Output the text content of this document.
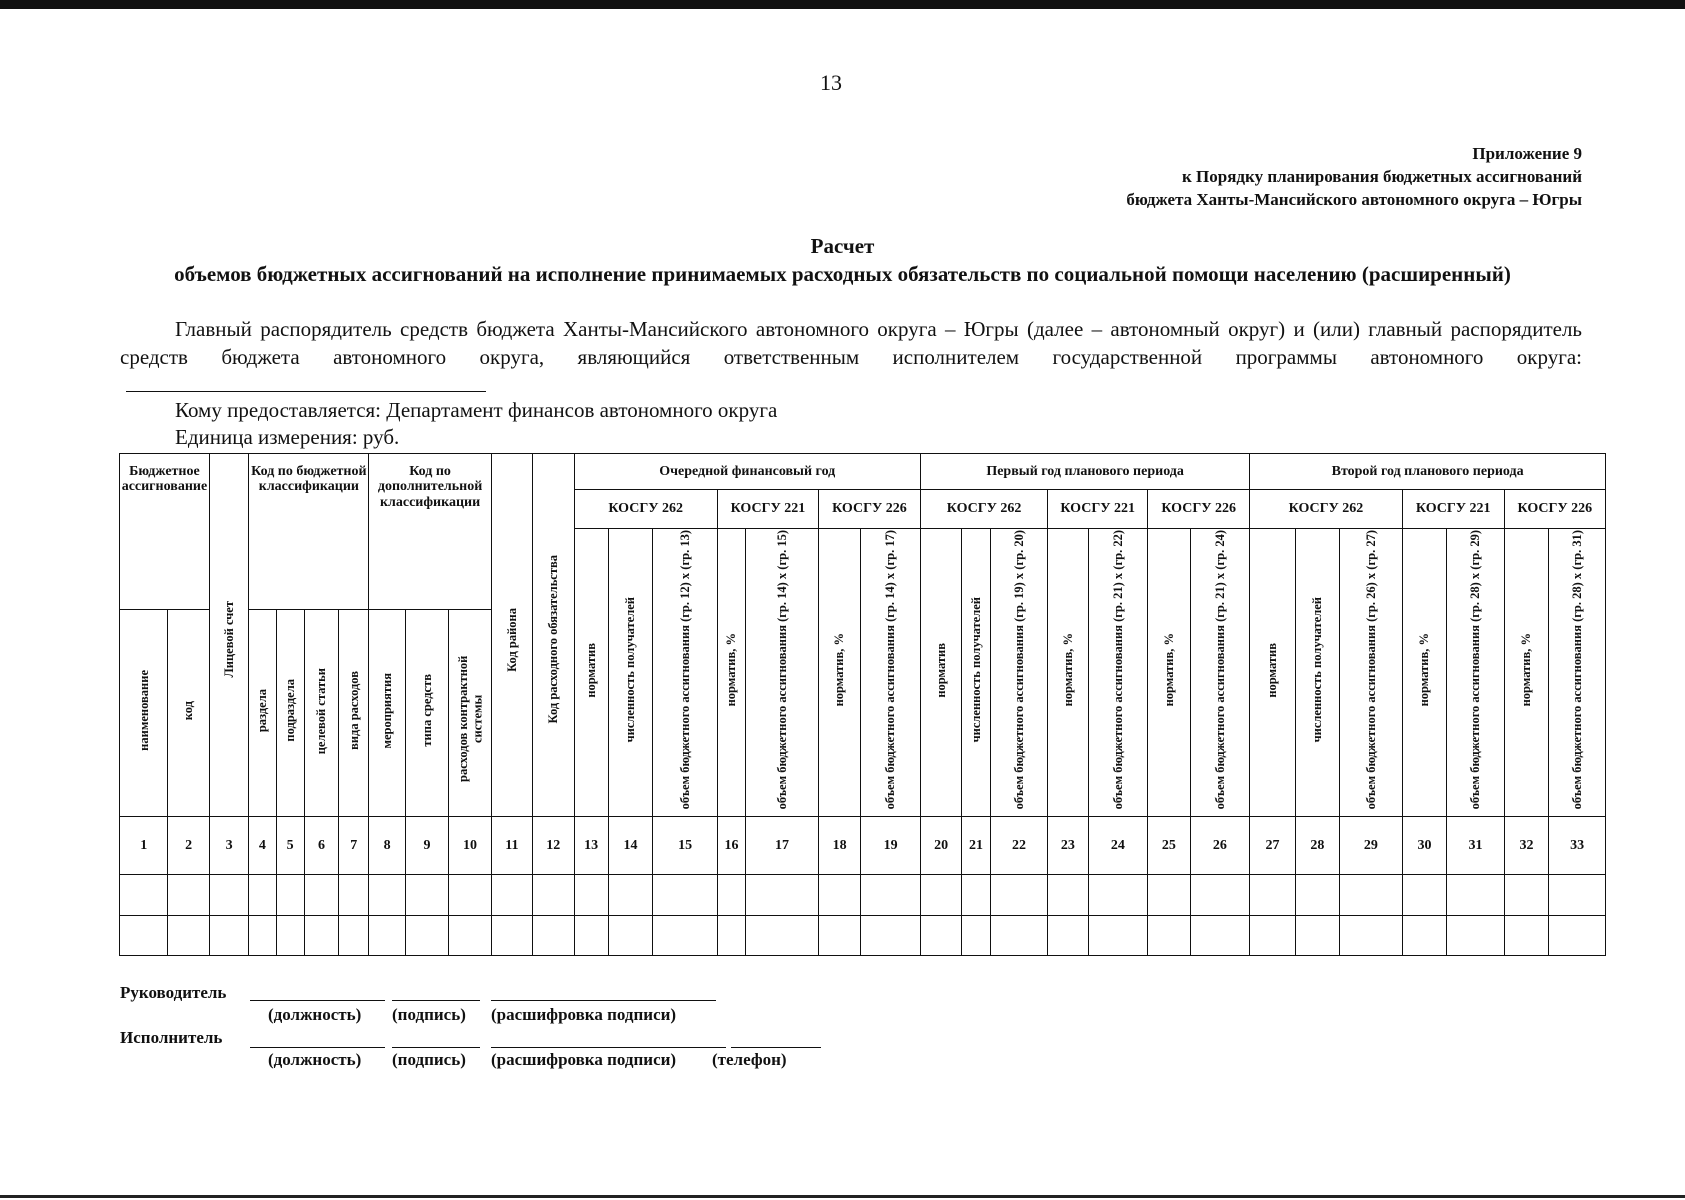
13
Приложение 9
к Порядку планирования бюджетных ассигнований
бюджета Ханты-Мансийского автономного округа – Югры
Расчет
объемов бюджетных ассигнований на исполнение принимаемых расходных обязательств по социальной помощи населению (расширенный)
Главный распорядитель средств бюджета Ханты-Мансийского автономного округа – Югры (далее – автономный округ) и (или) главный распорядитель средств бюджета автономного округа, являющийся ответственным исполнителем государственной программы автономного округа:
Кому предоставляется: Департамент финансов автономного округа
Единица измерения: руб.
Бюджетное ассигнование		Лицевой счет	Код по бюджетной классификации				Код по дополнительной классификации			Код района	Код расходного обязательства	Очередной финансовый год							Первый год планового периода							Второй год планового периода						
												КОСГУ 262			КОСГУ 221		КОСГУ 226		КОСГУ 262			КОСГУ 221		КОСГУ 226		КОСГУ 262			КОСГУ 221		КОСГУ 226	
												норматив	численность получателей	объем бюджетного ассигнования (гр. 12) x (гр. 13)	норматив, %	объем бюджетного ассигнования (гр. 14) x (гр. 15)	норматив, %	объем бюджетного ассигнования (гр. 14) x (гр. 17)	норматив	численность получателей	объем бюджетного ассигнования (гр. 19) x (гр. 20)	норматив, %	объем бюджетного ассигнования (гр. 21) x (гр. 22)	норматив, %	объем бюджетного ассигнования (гр. 21) x (гр. 24)	норматив	численность получателей	объем бюджетного ассигнования (гр. 26) x (гр. 27)	норматив, %	объем бюджетного ассигнования (гр. 28) x (гр. 29)	норматив, %	объем бюджетного ассигнования (гр. 28) x (гр. 31)
наименование	код		раздела	подраздела	целевой статьи	вида расходов	мероприятия	типа средств	расходов контрактной системы																							
1	2	3	4	5	6	7	8	9	10	11	12	13	14	15	16	17	18	19	20	21	22	23	24	25	26	27	28	29	30	31	32	33

Руководитель
(должность) (подпись) (расшифровка подписи)
Исполнитель
(должность) (подпись) (расшифровка подписи) (телефон)
